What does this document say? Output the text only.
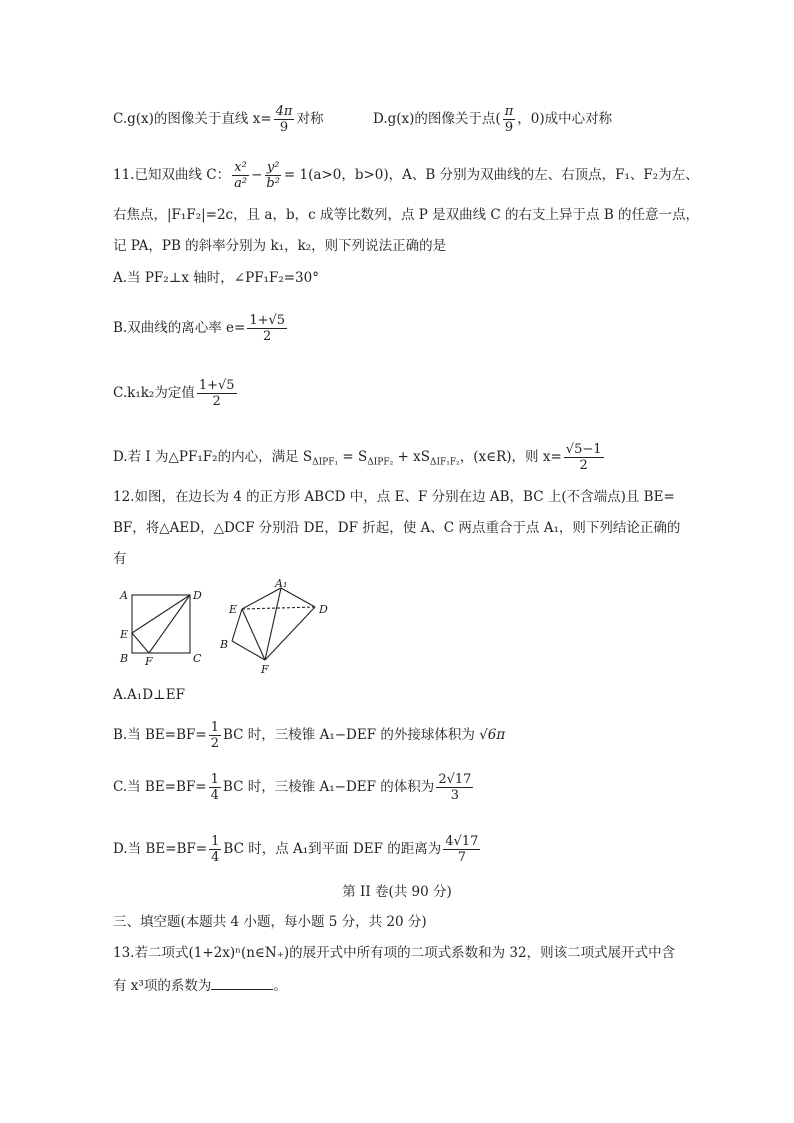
C.g(x)的图像关于直线 $x= \frac{4\pi}{9}$ 对称	D.g(x)的图像关于点( $\frac{\pi}{9}$ ，0)成中心对称
11.已知双曲线 C： $\frac{\text{x²}}{\text{a²}} - \frac{\text{y²}}{\text{b²}} = 1(a>0$，b>0)，A、B 分别为双曲线的左、右顶点，F₁、F₂为左、
右焦点，|F₁F₂|=2c，且 a，b，c 成等比数列，点 P 是双曲线 C 的右支上异于点 B 的任意一点，
记 PA，PB 的斜率分别为 k₁，k₂，则下列说法正确的是
A.当 PF₂⊥x 轴时，∠PF₁F₂=30°
B.双曲线的离心率 $e= \frac{1+√5}{2}$
C.k₁k₂为定值 $\frac{1+√5}{2}$
D.若 I 为△PF₁F₂的内心，满足 $S_{\Delta IPF_1} = S_{\Delta IPF_2} + xS_{\Delta IF_1F_2}$，(x∈R)，则 $x= \frac{√5-1}{2}$
12.如图，在边长为 4 的正方形 ABCD 中，点 E、F 分别在边 AB，BC 上(不含端点)且 BE=
BF，将△AED，△DCF 分别沿 DE，DF 折起，使 A、C 两点重合于点 A₁，则下列结论正确的
有
A	D
E
B F	C
A₁
E	D
B
F
A.A₁D⊥EF
B.当 $BE=BF= \frac{1}{2}$ BC 时，三棱锥 A₁−DEF 的外接球体积为 √6π
C.当 $BE=BF= \frac{1}{4}$ BC 时，三棱锥 A₁−DEF 的体积为 $\frac{2√17}{3}$
D.当 $BE=BF= \frac{1}{4}$ BC 时，点 A₁到平面 DEF 的距离为 $\frac{4√17}{7}$
第 II 卷(共 90 分)
三、填空题(本题共 4 小题，每小题 5 分，共 20 分)
13.若二项式(1+2x)ⁿ(n∈N₊)的展开式中所有项的二项式系数和为 32，则该二项式展开式中含
有 x³项的系数为	。
